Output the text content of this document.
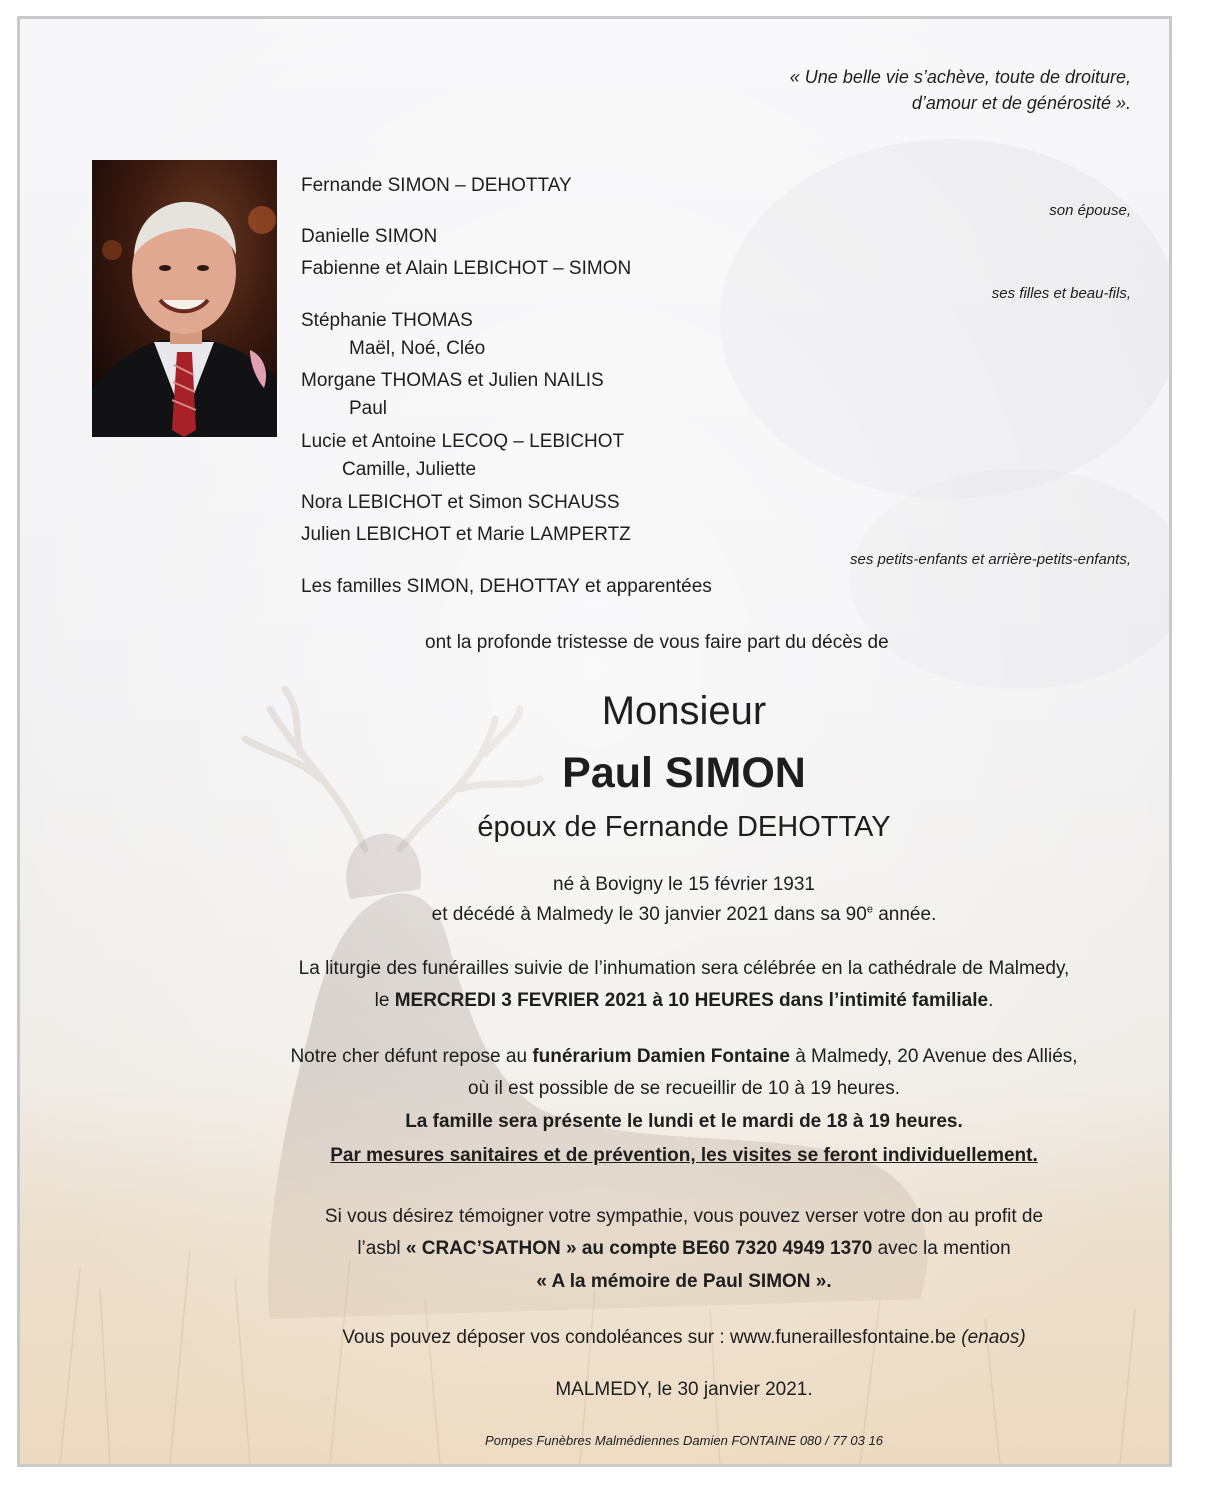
« Une belle vie s’achève, toute de droiture,
d’amour et de générosité ».
Fernande SIMON – DEHOTTAY
son épouse,
Danielle SIMON
Fabienne et Alain LEBICHOT – SIMON
ses filles et beau-fils,
Stéphanie THOMAS
Maël, Noé, Cléo
Morgane THOMAS et Julien NAILIS
Paul
Lucie et Antoine LECOQ – LEBICHOT
Camille, Juliette
Nora LEBICHOT et Simon SCHAUSS
Julien LEBICHOT et Marie LAMPERTZ
ses petits-enfants et arrière-petits-enfants,
Les familles SIMON, DEHOTTAY et apparentées
ont la profonde tristesse de vous faire part du décès de
Monsieur
Paul SIMON
époux de Fernande DEHOTTAY
né à Bovigny le 15 février 1931
et décédé à Malmedy le 30 janvier 2021 dans sa 90e année.
La liturgie des funérailles suivie de l’inhumation sera célébrée en la cathédrale de Malmedy,
le MERCREDI 3 FEVRIER 2021 à 10 HEURES dans l’intimité familiale.
Notre cher défunt repose au funérarium Damien Fontaine à Malmedy, 20 Avenue des Alliés,
où il est possible de se recueillir de 10 à 19 heures.
La famille sera présente le lundi et le mardi de 18 à 19 heures.
Par mesures sanitaires et de prévention, les visites se feront individuellement.
Si vous désirez témoigner votre sympathie, vous pouvez verser votre don au profit de
l’asbl « CRAC’SATHON » au compte BE60 7320 4949 1370 avec la mention
« A la mémoire de Paul SIMON ».
Vous pouvez déposer vos condoléances sur : www.funeraillesfontaine.be (enaos)
MALMEDY, le 30 janvier 2021.
Pompes Funèbres Malmédiennes Damien FONTAINE 080 / 77 03 16
